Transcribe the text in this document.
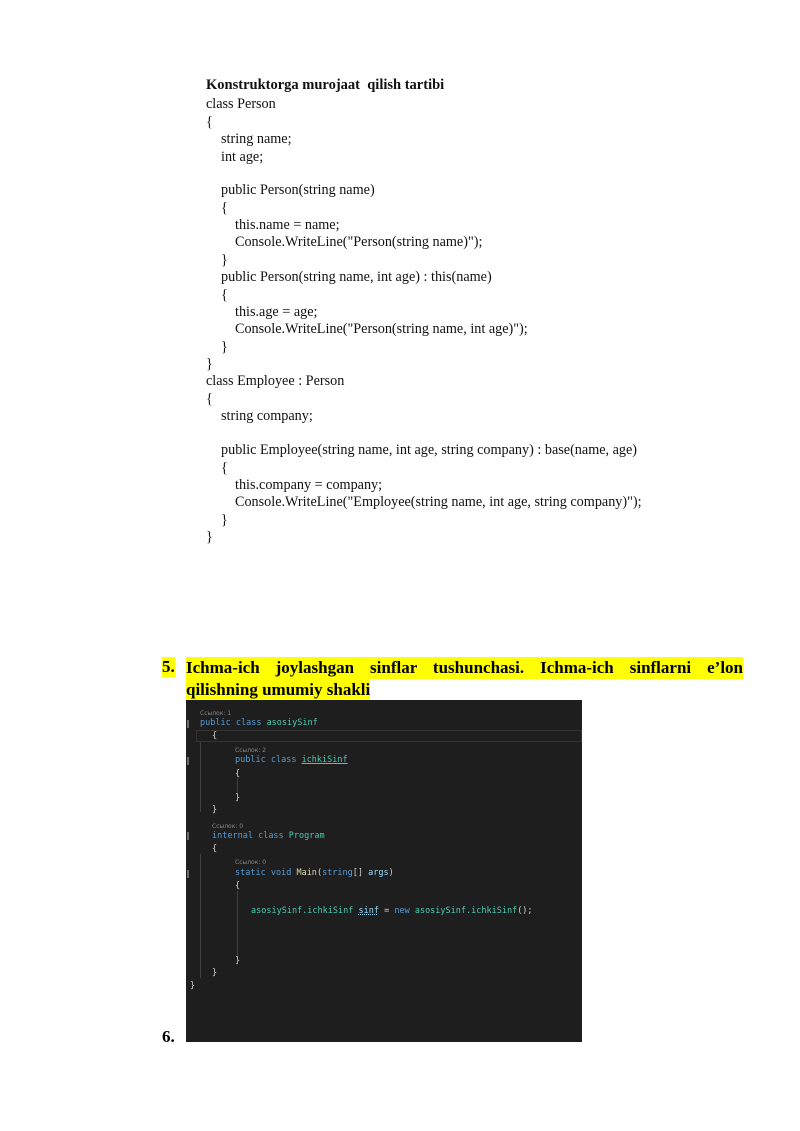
Konstruktorga murojaat  qilish tartibi
class Person
{
string name;
int age;
public Person(string name)
{
this.name = name;
Console.WriteLine("Person(string name)");
}
public Person(string name, int age) : this(name)
{
this.age = age;
Console.WriteLine("Person(string name, int age)");
}
}
class Employee : Person
{
string company;
public Employee(string name, int age, string company) : base(name, age)
{
this.company = company;
Console.WriteLine("Employee(string name, int age, string company)");
}
}
5. Ichma-ich joylashgan sinflar tushunchasi. Ichma-ich sinflarni e’lon
qilishning umumiy shakli
Ссылок: 1
public class asosiySinf
{
Ссылок: 2
public class ichkiSinf
{
}
}
Ссылок: 0
internal class Program
{
Ссылок: 0
static void Main(string[] args)
{
asosiySinf.ichkiSinf sinf = new asosiySinf.ichkiSinf();
}
}
}
6.
